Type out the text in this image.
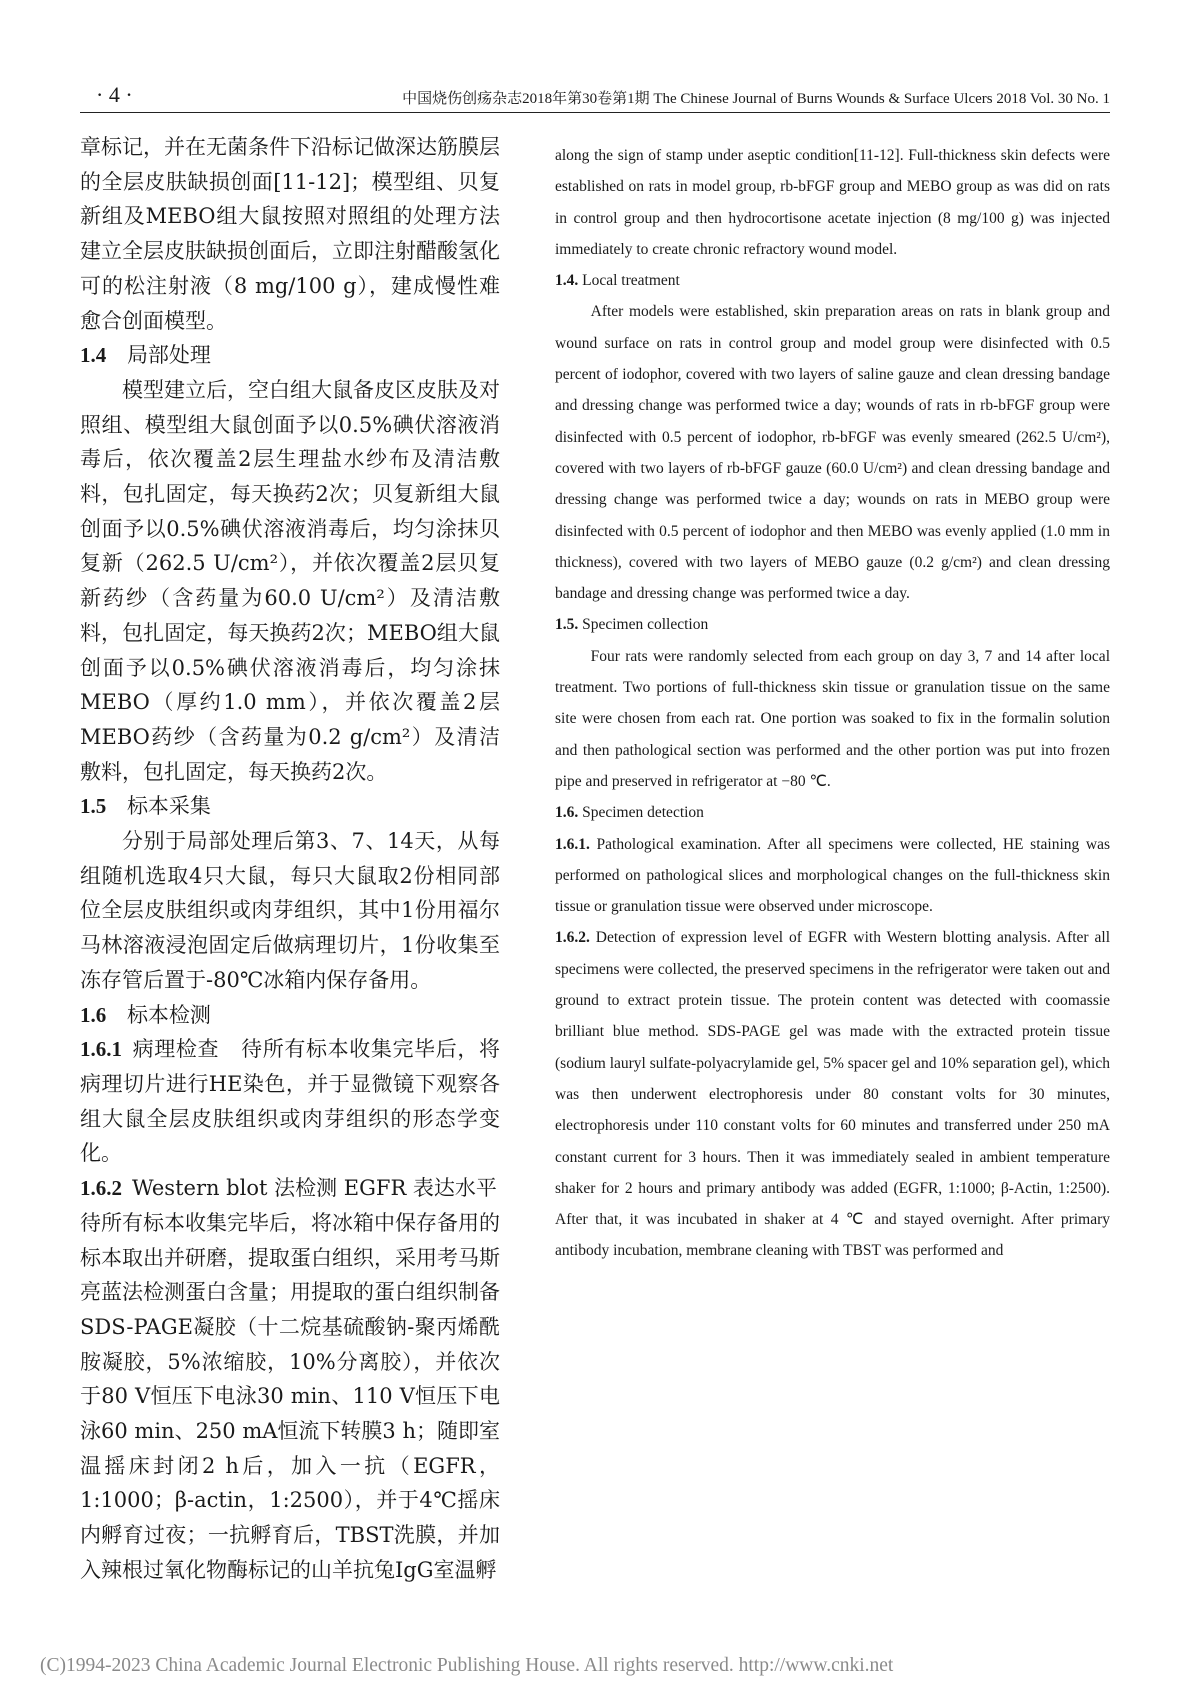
· 4 ·	中国烧伤创疡杂志2018年第30卷第1期 The Chinese Journal of Burns Wounds & Surface Ulcers 2018 Vol. 30 No. 1

章标记，并在无菌条件下沿标记做深达筋膜层的全层皮肤缺损创面[11-12]；模型组、贝复新组及MEBO组大鼠按照对照组的处理方法建立全层皮肤缺损创面后，立即注射醋酸氢化可的松注射液（8 mg/100 g），建成慢性难愈合创面模型。

1.4 局部处理

模型建立后，空白组大鼠备皮区皮肤及对照组、模型组大鼠创面予以0.5%碘伏溶液消毒后，依次覆盖2层生理盐水纱布及清洁敷料，包扎固定，每天换药2次；贝复新组大鼠创面予以0.5%碘伏溶液消毒后，均匀涂抹贝复新（262.5 U/cm²），并依次覆盖2层贝复新药纱（含药量为60.0 U/cm²）及清洁敷料，包扎固定，每天换药2次；MEBO组大鼠创面予以0.5%碘伏溶液消毒后，均匀涂抹MEBO（厚约1.0 mm），并依次覆盖2层MEBO药纱（含药量为0.2 g/cm²）及清洁敷料，包扎固定，每天换药2次。

1.5 标本采集

分别于局部处理后第3、7、14天，从每组随机选取4只大鼠，每只大鼠取2份相同部位全层皮肤组织或肉芽组织，其中1份用福尔马林溶液浸泡固定后做病理切片，1份收集至冻存管后置于-80℃冰箱内保存备用。

1.6 标本检测

1.6.1 病理检查 待所有标本收集完毕后，将病理切片进行HE染色，并于显微镜下观察各组大鼠全层皮肤组织或肉芽组织的形态学变化。

1.6.2 Western blot 法检测 EGFR 表达水平

待所有标本收集完毕后，将冰箱中保存备用的标本取出并研磨，提取蛋白组织，采用考马斯亮蓝法检测蛋白含量；用提取的蛋白组织制备SDS-PAGE凝胶（十二烷基硫酸钠-聚丙烯酰胺凝胶，5%浓缩胶，10%分离胶），并依次于80 V恒压下电泳30 min、110 V恒压下电泳60 min、250 mA恒流下转膜3 h；随即室温摇床封闭2 h后，加入一抗（EGFR，1:1000；β-actin，1:2500），并于4℃摇床内孵育过夜；一抗孵育后，TBST洗膜，并加入辣根过氧化物酶标记的山羊抗兔IgG室温孵

along the sign of stamp under aseptic condition[11-12]. Full-thickness skin defects were established on rats in model group, rb-bFGF group and MEBO group as was did on rats in control group and then hydrocortisone acetate injection (8 mg/100 g) was injected immediately to create chronic refractory wound model.

1.4. Local treatment

After models were established, skin preparation areas on rats in blank group and wound surface on rats in control group and model group were disinfected with 0.5 percent of iodophor, covered with two layers of saline gauze and clean dressing bandage and dressing change was performed twice a day; wounds of rats in rb-bFGF group were disinfected with 0.5 percent of iodophor, rb-bFGF was evenly smeared (262.5 U/cm²), covered with two layers of rb-bFGF gauze (60.0 U/cm²) and clean dressing bandage and dressing change was performed twice a day; wounds on rats in MEBO group were disinfected with 0.5 percent of iodophor and then MEBO was evenly applied (1.0 mm in thickness), covered with two layers of MEBO gauze (0.2 g/cm²) and clean dressing bandage and dressing change was performed twice a day.

1.5. Specimen collection

Four rats were randomly selected from each group on day 3, 7 and 14 after local treatment. Two portions of full-thickness skin tissue or granulation tissue on the same site were chosen from each rat. One portion was soaked to fix in the formalin solution and then pathological section was performed and the other portion was put into frozen pipe and preserved in refrigerator at −80 ℃.

1.6. Specimen detection

1.6.1. Pathological examination. After all specimens were collected, HE staining was performed on pathological slices and morphological changes on the full-thickness skin tissue or granulation tissue were observed under microscope.

1.6.2. Detection of expression level of EGFR with Western blotting analysis. After all specimens were collected, the preserved specimens in the refrigerator were taken out and ground to extract protein tissue. The protein content was detected with coomassie brilliant blue method. SDS-PAGE gel was made with the extracted protein tissue (sodium lauryl sulfate-polyacrylamide gel, 5% spacer gel and 10% separation gel), which was then underwent electrophoresis under 80 constant volts for 30 minutes, electrophoresis under 110 constant volts for 60 minutes and transferred under 250 mA constant current for 3 hours. Then it was immediately sealed in ambient temperature shaker for 2 hours and primary antibody was added (EGFR, 1:1000; β-Actin, 1:2500). After that, it was incubated in shaker at 4 ℃ and stayed overnight. After primary antibody incubation, membrane cleaning with TBST was performed and

(C)1994-2023 China Academic Journal Electronic Publishing House. All rights reserved. http://www.cnki.net
